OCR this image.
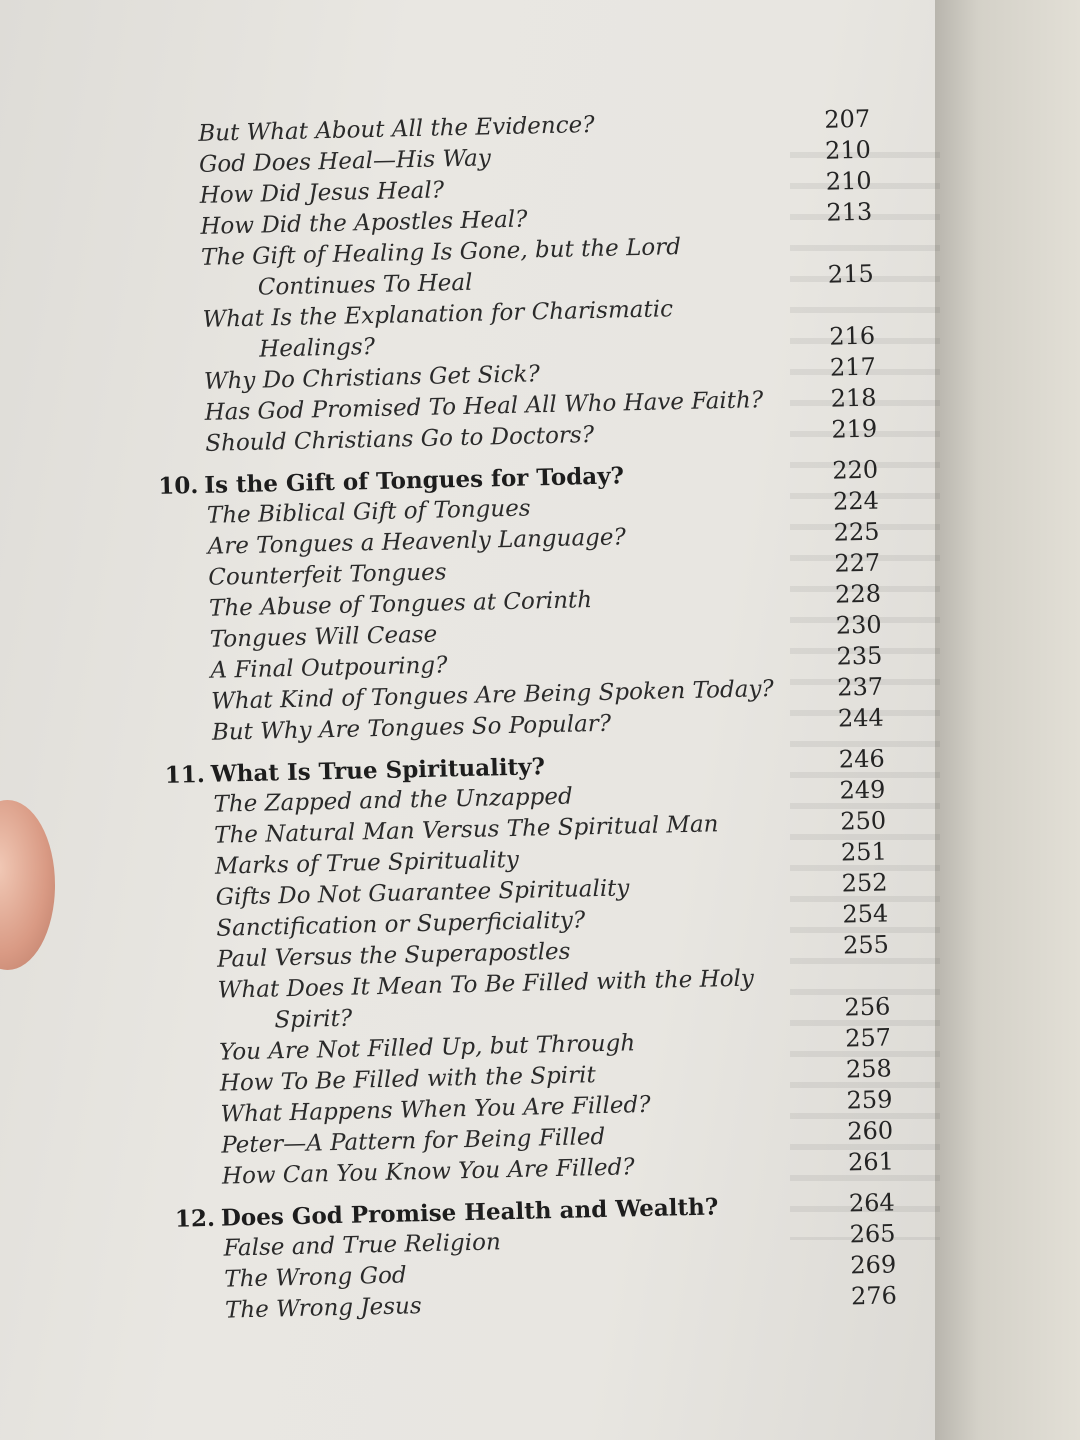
But What About All the Evidence?	207
God Does Heal—His Way	210
How Did Jesus Heal?	210
How Did the Apostles Heal?	213
The Gift of Healing Is Gone, but the Lord
Continues To Heal	215
What Is the Explanation for Charismatic
Healings?	216
Why Do Christians Get Sick?	217
Has God Promised To Heal All Who Have Faith?	218
Should Christians Go to Doctors?	219
10. Is the Gift of Tongues for Today?	220
The Biblical Gift of Tongues	224
Are Tongues a Heavenly Language?	225
Counterfeit Tongues	227
The Abuse of Tongues at Corinth	228
Tongues Will Cease	230
A Final Outpouring?	235
What Kind of Tongues Are Being Spoken Today?	237
But Why Are Tongues So Popular?	244
11. What Is True Spirituality?	246
The Zapped and the Unzapped	249
The Natural Man Versus The Spiritual Man	250
Marks of True Spirituality	251
Gifts Do Not Guarantee Spirituality	252
Sanctification or Superficiality?	254
Paul Versus the Superapostles	255
What Does It Mean To Be Filled with the Holy
Spirit?	256
You Are Not Filled Up, but Through	257
How To Be Filled with the Spirit	258
What Happens When You Are Filled?	259
Peter—A Pattern for Being Filled	260
How Can You Know You Are Filled?	261
12. Does God Promise Health and Wealth?	264
False and True Religion	265
The Wrong God	269
The Wrong Jesus	276
